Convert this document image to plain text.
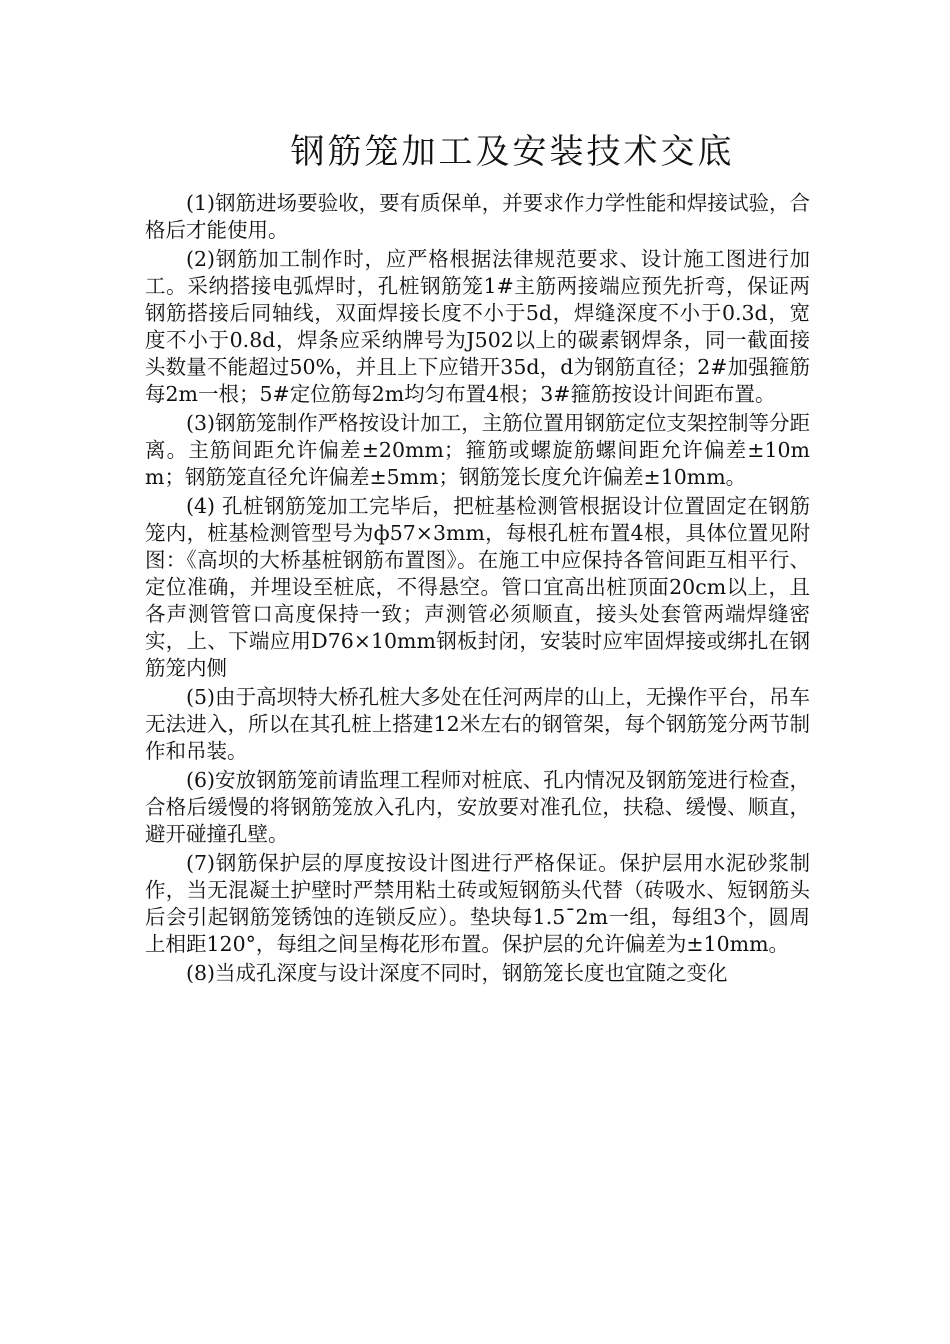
钢筋笼加工及安装技术交底

(1)钢筋进场要验收，要有质保单，并要求作力学性能和焊接试验，合格后才能使用。

(2)钢筋加工制作时，应严格根据法律规范要求、设计施工图进行加工。采纳搭接电弧焊时，孔桩钢筋笼1#主筋两接端应预先折弯，保证两钢筋搭接后同轴线，双面焊接长度不小于5d，焊缝深度不小于0.3d，宽度不小于0.8d，焊条应采纳牌号为J502以上的碳素钢焊条，同一截面接头数量不能超过50%，并且上下应错开35d，d为钢筋直径；2#加强箍筋每2m一根；5#定位筋每2m均匀布置4根；3#箍筋按设计间距布置。

(3)钢筋笼制作严格按设计加工，主筋位置用钢筋定位支架控制等分距离。主筋间距允许偏差±20mm；箍筋或螺旋筋螺间距允许偏差±10mm；钢筋笼直径允许偏差±5mm；钢筋笼长度允许偏差±10mm。

(4) 孔桩钢筋笼加工完毕后，把桩基检测管根据设计位置固定在钢筋笼内，桩基检测管型号为ф57×3mm，每根孔桩布置4根，具体位置见附图：《高坝的大桥基桩钢筋布置图》。在施工中应保持各管间距互相平行、定位准确，并埋设至桩底，不得悬空。管口宜高出桩顶面20cm以上，且各声测管管口高度保持一致；声测管必须顺直，接头处套管两端焊缝密实，上、下端应用D76×10mm钢板封闭，安装时应牢固焊接或绑扎在钢筋笼内侧

(5)由于高坝特大桥孔桩大多处在任河两岸的山上，无操作平台，吊车无法进入，所以在其孔桩上搭建12米左右的钢管架，每个钢筋笼分两节制作和吊装。

(6)安放钢筋笼前请监理工程师对桩底、孔内情况及钢筋笼进行检查，合格后缓慢的将钢筋笼放入孔内，安放要对准孔位，扶稳、缓慢、顺直，避开碰撞孔壁。

(7)钢筋保护层的厚度按设计图进行严格保证。保护层用水泥砂浆制作，当无混凝土护壁时严禁用粘土砖或短钢筋头代替（砖吸水、短钢筋头后会引起钢筋笼锈蚀的连锁反应）。垫块每1.5¯2m一组，每组3个，圆周上相距120°，每组之间呈梅花形布置。保护层的允许偏差为±10mm。

(8)当成孔深度与设计深度不同时，钢筋笼长度也宜随之变化
